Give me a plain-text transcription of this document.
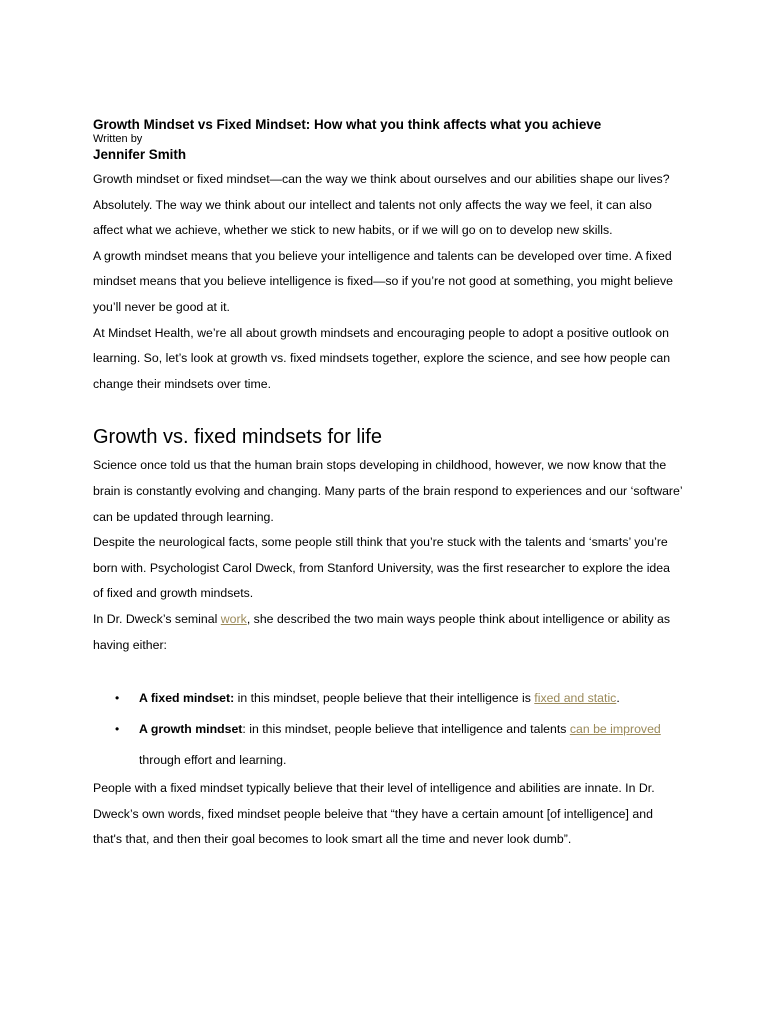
Growth Mindset vs Fixed Mindset: How what you think affects what you achieve
Written by
Jennifer Smith

Growth mindset or fixed mindset—can the way we think about ourselves and our abilities shape our lives? Absolutely. The way we think about our intellect and talents not only affects the way we feel, it can also affect what we achieve, whether we stick to new habits, or if we will go on to develop new skills.

A growth mindset means that you believe your intelligence and talents can be developed over time. A fixed mindset means that you believe intelligence is fixed—so if you’re not good at something, you might believe you’ll never be good at it.

At Mindset Health, we’re all about growth mindsets and encouraging people to adopt a positive outlook on learning. So, let’s look at growth vs. fixed mindsets together, explore the science, and see how people can change their mindsets over time.

Growth vs. fixed mindsets for life

Science once told us that the human brain stops developing in childhood, however, we now know that the brain is constantly evolving and changing. Many parts of the brain respond to experiences and our ‘software’ can be updated through learning.

Despite the neurological facts, some people still think that you’re stuck with the talents and ‘smarts’ you’re born with. Psychologist Carol Dweck, from Stanford University, was the first researcher to explore the idea of fixed and growth mindsets.

In Dr. Dweck’s seminal work, she described the two main ways people think about intelligence or ability as having either:

• A fixed mindset: in this mindset, people believe that their intelligence is fixed and static.
• A growth mindset: in this mindset, people believe that intelligence and talents can be improved through effort and learning.

People with a fixed mindset typically believe that their level of intelligence and abilities are innate. In Dr. Dweck’s own words, fixed mindset people beleive that “they have a certain amount [of intelligence] and that's that, and then their goal becomes to look smart all the time and never look dumb”.
